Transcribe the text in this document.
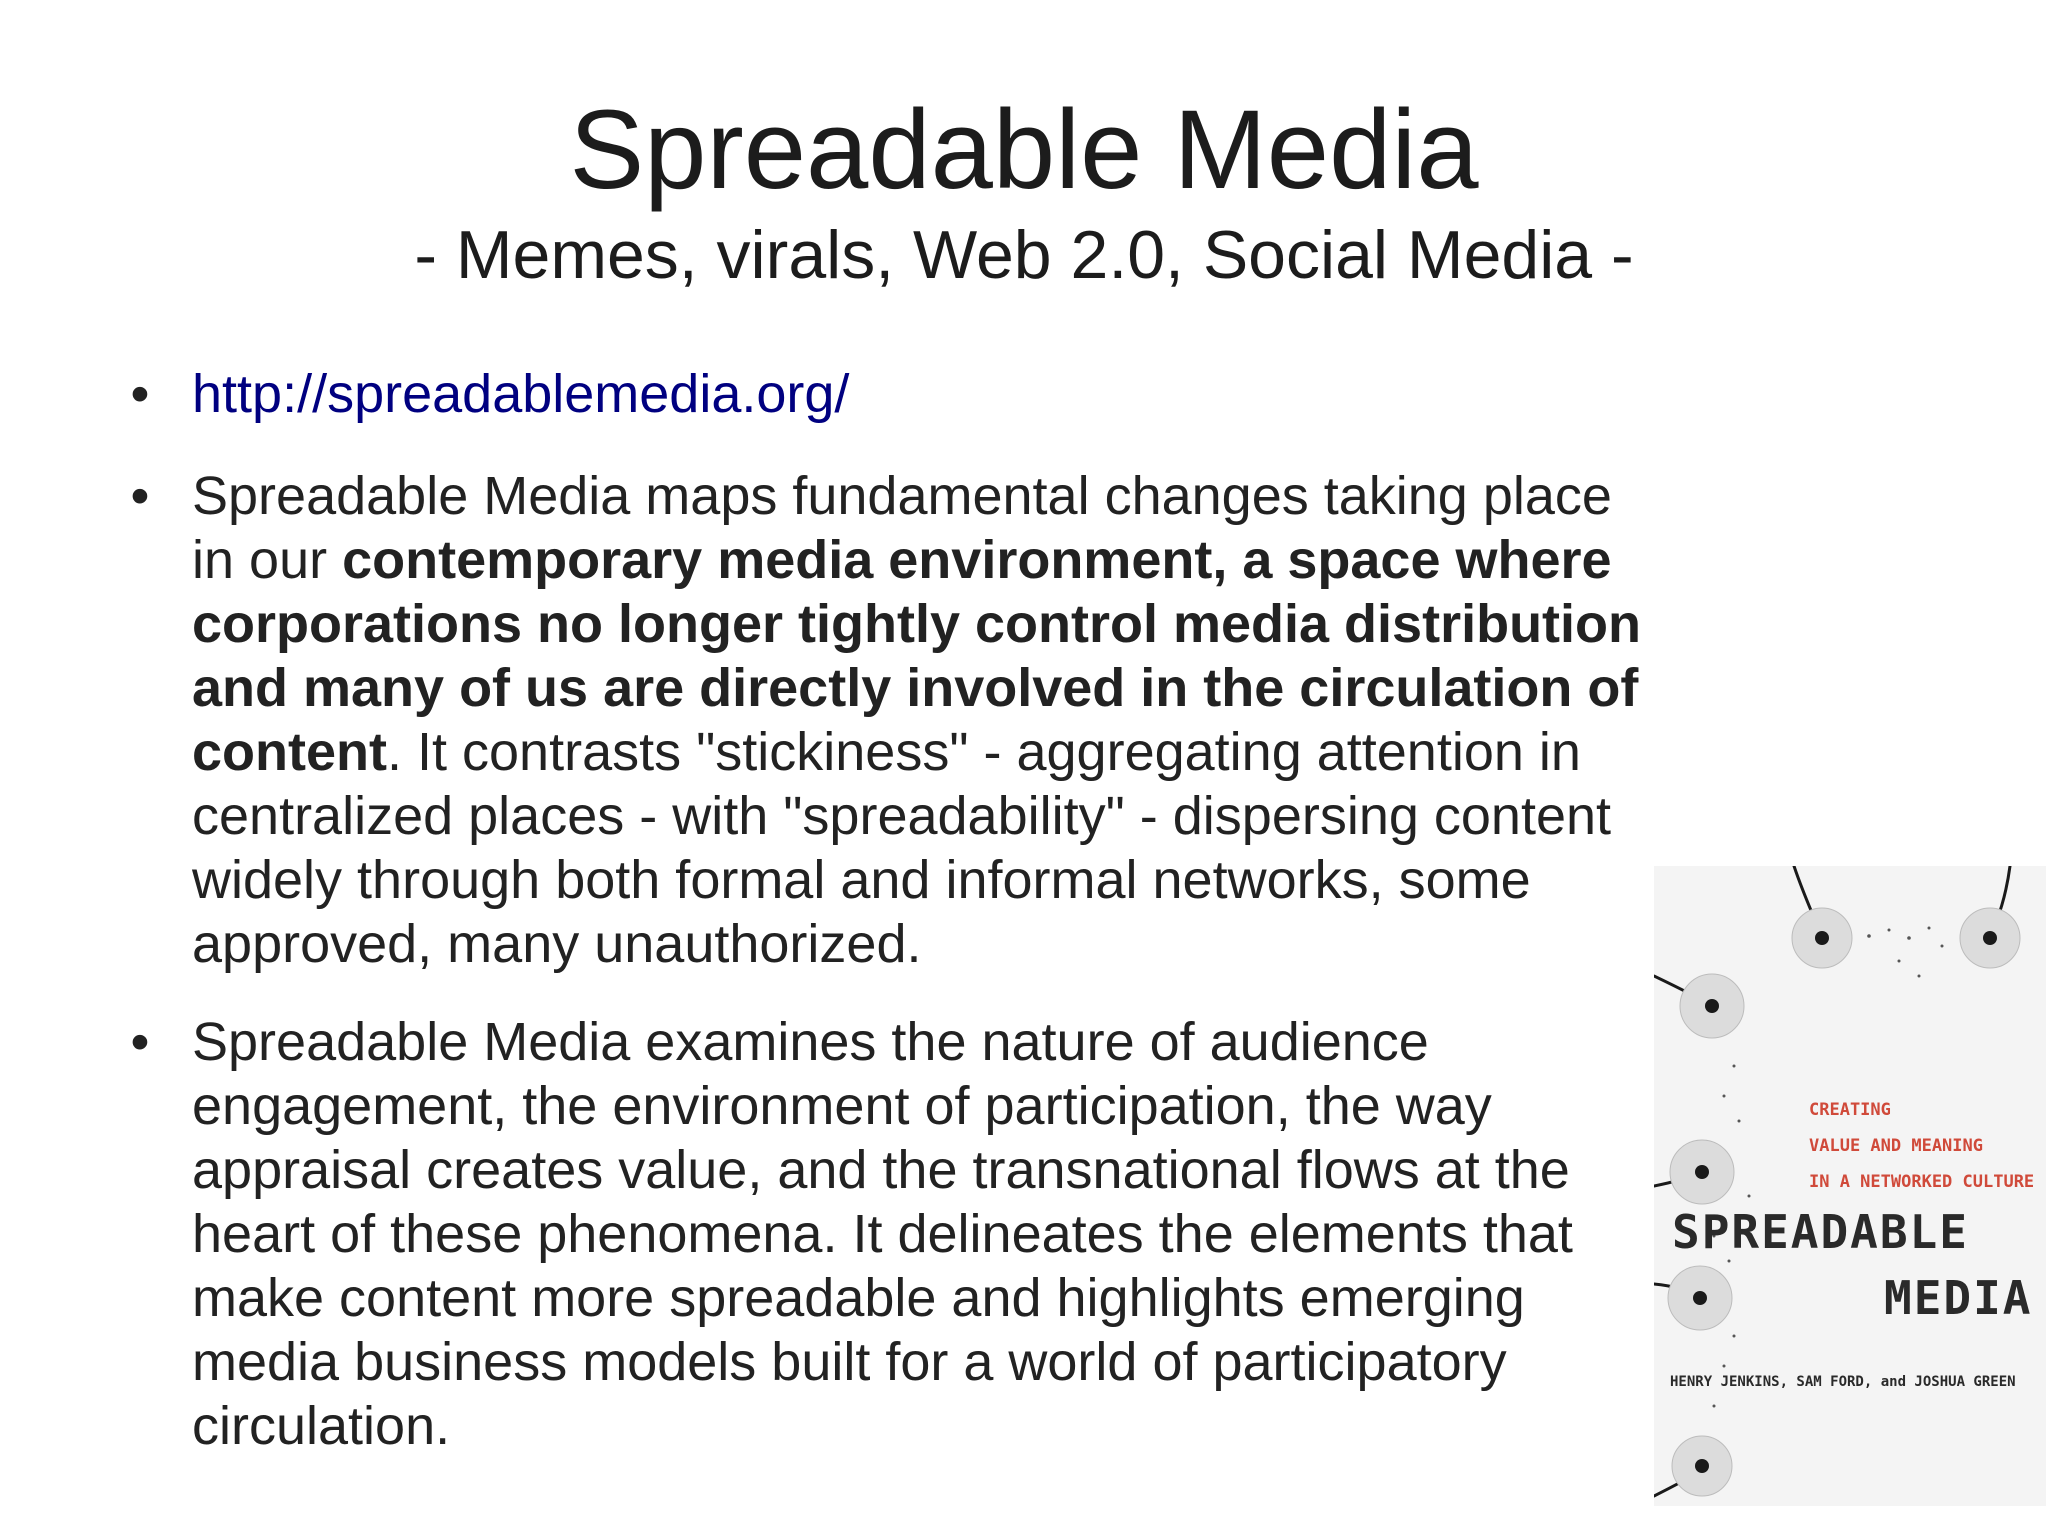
Spreadable Media
- Memes, virals, Web 2.0, Social Media -
• http://spreadablemedia.org/
• Spreadable Media maps fundamental changes taking place
in our contemporary media environment, a space where
corporations no longer tightly control media distribution
and many of us are directly involved in the circulation of
content. It contrasts "stickiness" - aggregating attention in
centralized places - with "spreadability" - dispersing content
widely through both formal and informal networks, some
approved, many unauthorized.
• Spreadable Media examines the nature of audience
engagement, the environment of participation, the way
appraisal creates value, and the transnational flows at the
heart of these phenomena. It delineates the elements that
make content more spreadable and highlights emerging
media business models built for a world of participatory
circulation.
CREATING
VALUE AND MEANING
IN A NETWORKED CULTURE
SPREADABLE
MEDIA
HENRY JENKINS, SAM FORD, and JOSHUA GREEN
